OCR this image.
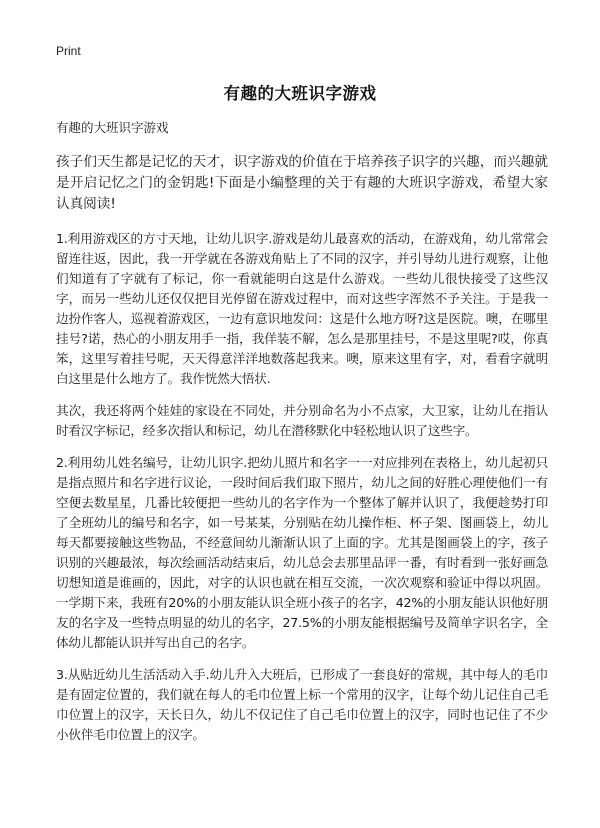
Print
有趣的大班识字游戏

有趣的大班识字游戏

孩子们天生都是记忆的天才，识字游戏的价值在于培养孩子识字的兴趣，而兴趣就是开启记忆之门的金钥匙!下面是小编整理的关于有趣的大班识字游戏，希望大家认真阅读!

1.利用游戏区的方寸天地，让幼儿识字.游戏是幼儿最喜欢的活动，在游戏角，幼儿常常会留连往返，因此，我一开学就在各游戏角贴上了不同的汉字，并引导幼儿进行观察，让他们知道有了字就有了标记，你一看就能明白这是什么游戏。一些幼儿很快接受了这些汉字，而另一些幼儿还仅仅把目光停留在游戏过程中，而对这些字浑然不予关注。于是我一边扮作客人，巡视着游戏区，一边有意识地发问：这是什么地方呀?这是医院。噢，在哪里挂号?诺，热心的小朋友用手一指，我佯装不解，怎么是那里挂号，不是这里呢?哎，你真笨，这里写着挂号呢，天天得意洋洋地数落起我来。噢，原来这里有字，对，看看字就明白这里是什么地方了。我作恍然大悟状.

其次，我还将两个娃娃的家设在不同处，并分别命名为小不点家，大卫家，让幼儿在指认时看汉字标记，经多次指认和标记，幼儿在潜移默化中轻松地认识了这些字。

2.利用幼儿姓名编号，让幼儿识字.把幼儿照片和名字一一对应排列在表格上，幼儿起初只是指点照片和名字进行议论，一段时间后我们取下照片，幼儿之间的好胜心理使他们一有空便去数星星，几番比较便把一些幼儿的名字作为一个整体了解并认识了，我便趁势打印了全班幼儿的编号和名字，如一号某某，分别贴在幼儿操作柜、杯子架、图画袋上，幼儿每天都要接触这些物品，不经意间幼儿渐渐认识了上面的字。尤其是图画袋上的字，孩子识别的兴趣最浓，每次绘画活动结束后，幼儿总会去那里品评一番，有时看到一张好画急切想知道是谁画的，因此，对字的认识也就在相互交流，一次次观察和验证中得以巩固。一学期下来，我班有20%的小朋友能认识全班小孩子的名字，42%的小朋友能认识他好朋友的名字及一些特点明显的幼儿的名字，27.5%的小朋友能根据编号及简单字识名字，全体幼儿都能认识并写出自己的名字。

3.从贴近幼儿生活活动入手.幼儿升入大班后，已形成了一套良好的常规，其中每人的毛巾是有固定位置的，我们就在每人的毛巾位置上标一个常用的汉字，让每个幼儿记住自己毛巾位置上的汉字，天长日久，幼儿不仅记住了自己毛巾位置上的汉字，同时也记住了不少小伙伴毛巾位置上的汉字。
